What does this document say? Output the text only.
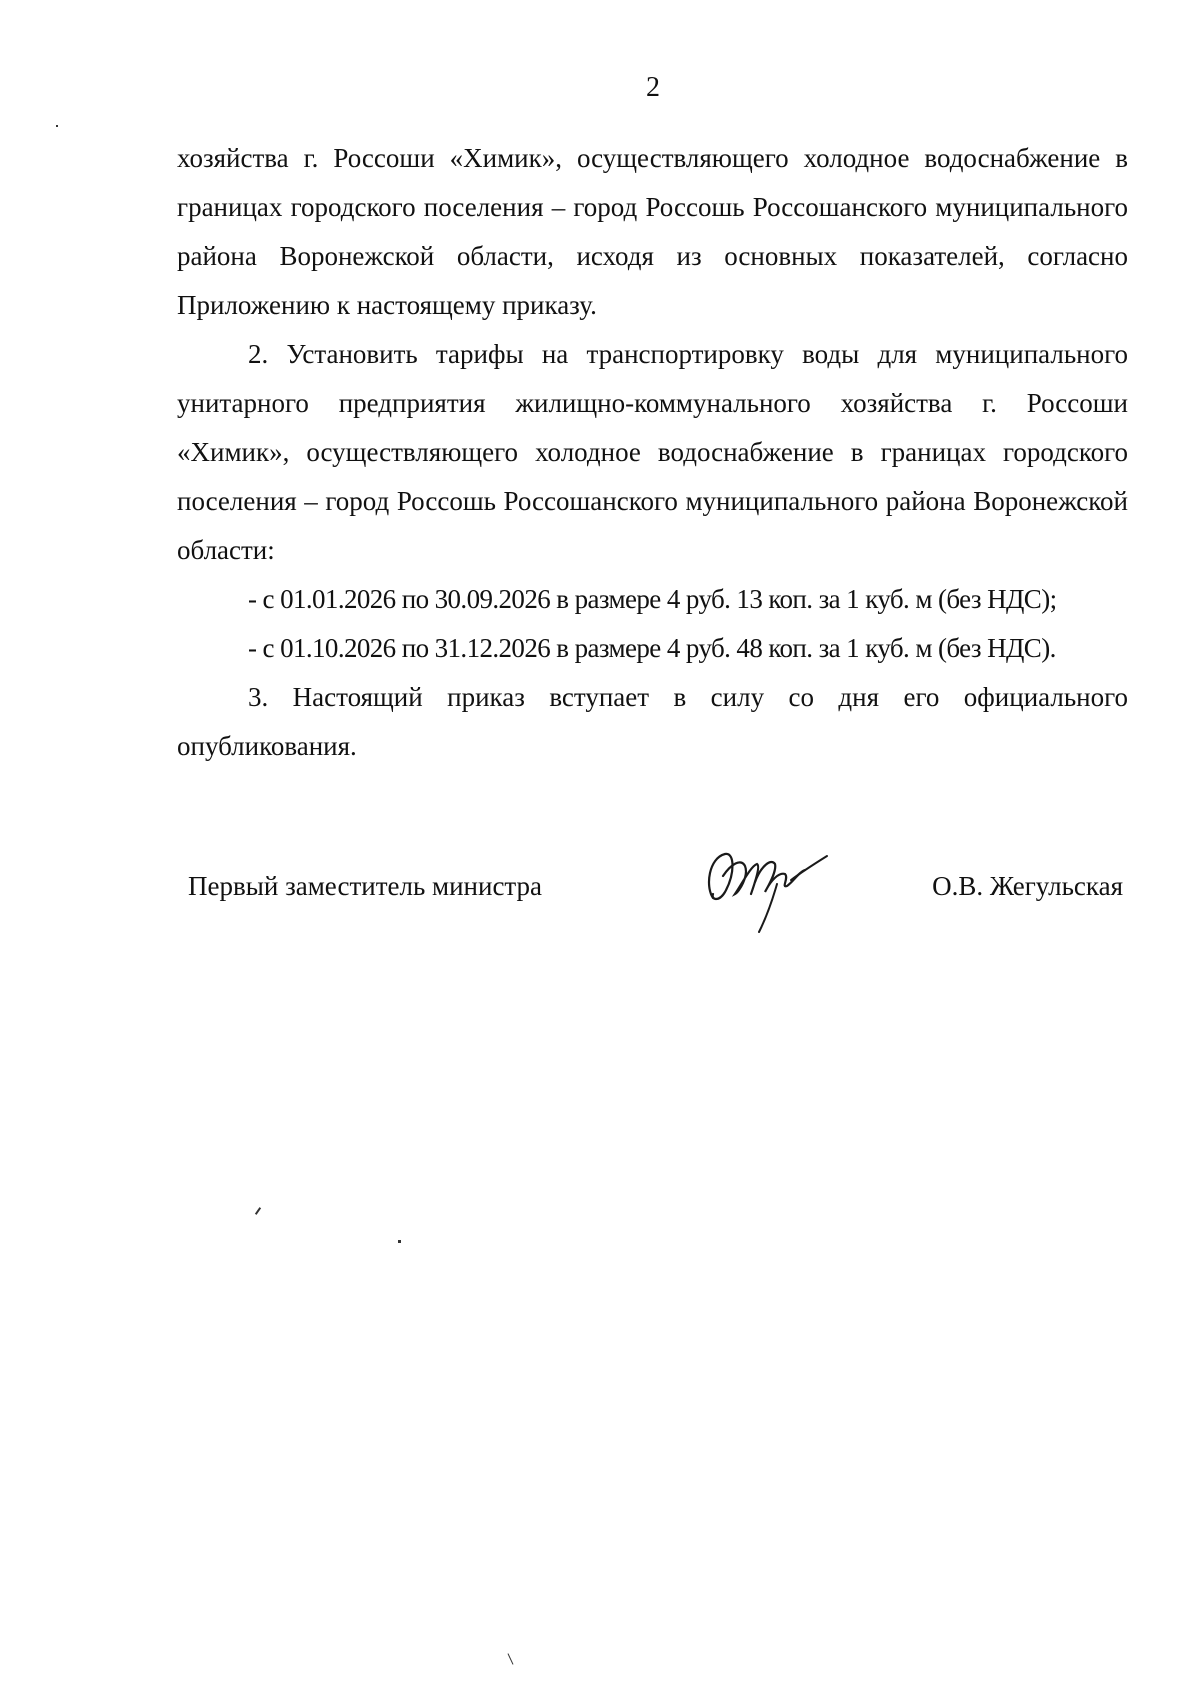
2

хозяйства г. Россоши «Химик», осуществляющего холодное водоснабжение в границах городского поселения – город Россошь Россошанского муниципального района Воронежской области, исходя из основных показателей, согласно Приложению к настоящему приказу.

2. Установить тарифы на транспортировку воды для муниципального унитарного предприятия жилищно-коммунального хозяйства г. Россоши «Химик», осуществляющего холодное водоснабжение в границах городского поселения – город Россошь Россошанского муниципального района Воронежской области:

- с 01.01.2026 по 30.09.2026 в размере 4 руб. 13 коп. за 1 куб. м (без НДС);

- с 01.10.2026 по 31.12.2026 в размере 4 руб. 48 коп. за 1 куб. м (без НДС).

3. Настоящий приказ вступает в силу со дня его официального опубликования.

Первый заместитель министра	О.В. Жегульская
